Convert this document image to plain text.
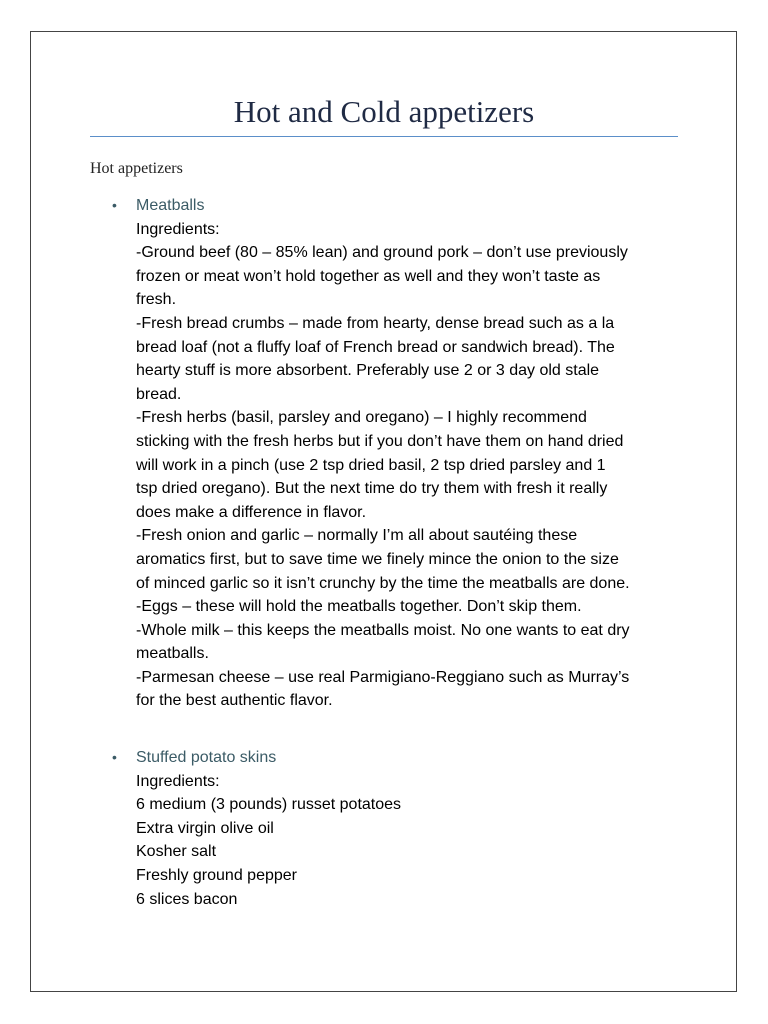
Hot and Cold appetizers
Hot appetizers
• Meatballs
Ingredients:
-Ground beef (80 – 85% lean) and ground pork – don’t use previously
frozen or meat won’t hold together as well and they won’t taste as
fresh.
-Fresh bread crumbs – made from hearty, dense bread such as a la
bread loaf (not a fluffy loaf of French bread or sandwich bread). The
hearty stuff is more absorbent. Preferably use 2 or 3 day old stale
bread.
-Fresh herbs (basil, parsley and oregano) – I highly recommend
sticking with the fresh herbs but if you don’t have them on hand dried
will work in a pinch (use 2 tsp dried basil, 2 tsp dried parsley and 1
tsp dried oregano). But the next time do try them with fresh it really
does make a difference in flavor.
-Fresh onion and garlic – normally I’m all about sautéing these
aromatics first, but to save time we finely mince the onion to the size
of minced garlic so it isn’t crunchy by the time the meatballs are done.
-Eggs – these will hold the meatballs together. Don’t skip them.
-Whole milk – this keeps the meatballs moist. No one wants to eat dry
meatballs.
-Parmesan cheese – use real Parmigiano-Reggiano such as Murray’s
for the best authentic flavor.
• Stuffed potato skins
Ingredients:
6 medium (3 pounds) russet potatoes
Extra virgin olive oil
Kosher salt
Freshly ground pepper
6 slices bacon
